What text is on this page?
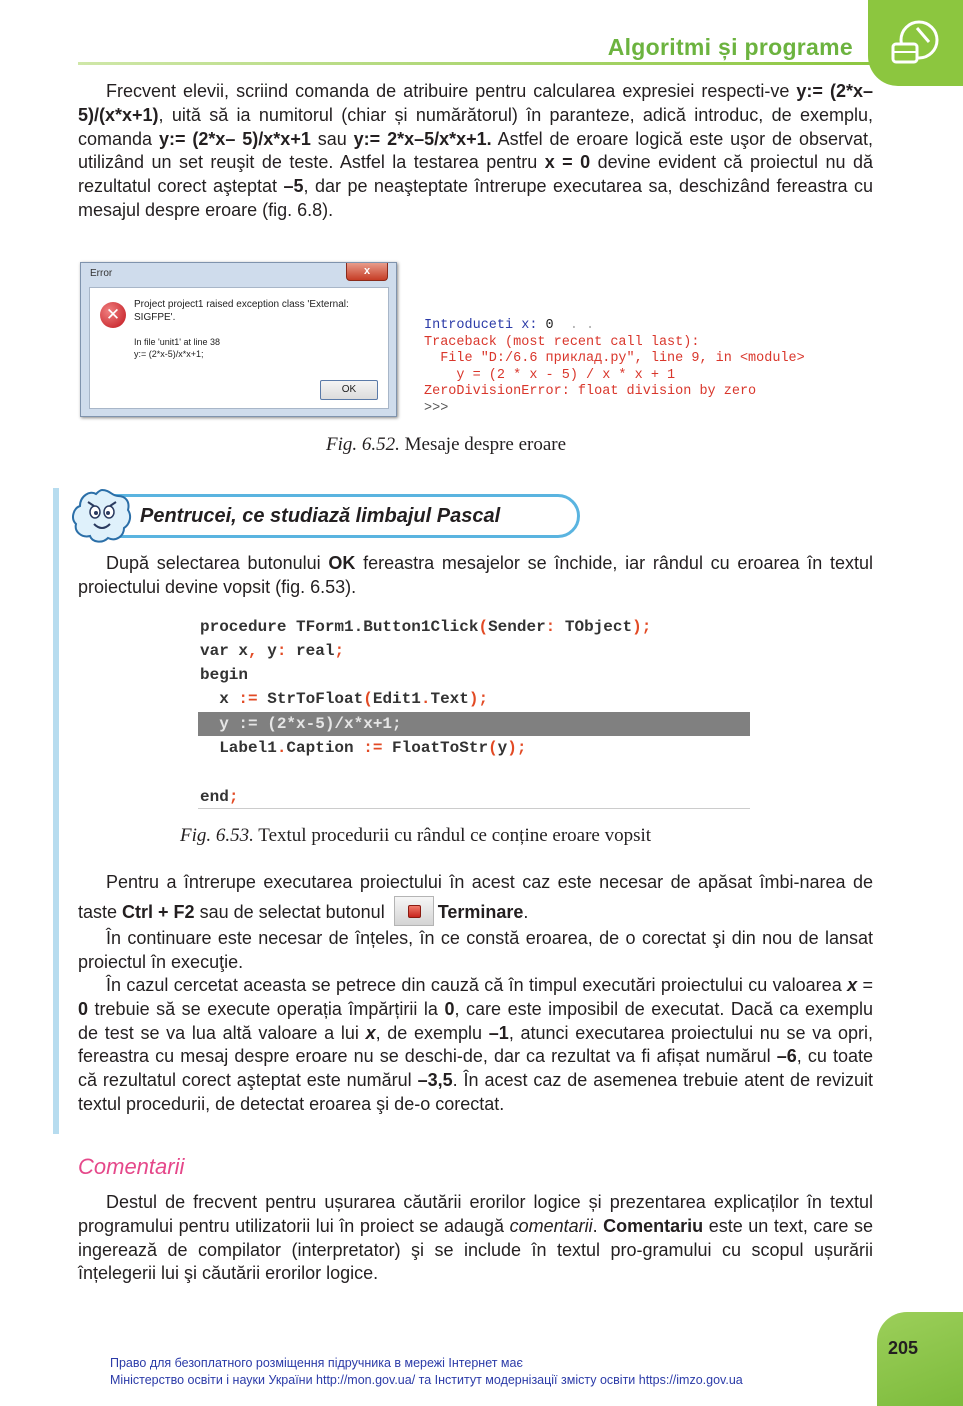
Algoritmi și programe
Frecvent elevii, scriind comanda de atribuire pentru calcularea expresiei respecti-ve y:= (2*x–5)/(x*x+1), uită să ia numitorul (chiar și numărătorul) în paranteze, adică introduc, de exemplu, comanda y:= (2*x– 5)/x*x+1 sau y:= 2*x–5/x*x+1. Astfel de eroare logică este uşor de observat, utilizând un set reuşit de teste. Astfel la testarea pentru x = 0 devine evident că proiectul nu dă rezultatul corect aşteptat –5, dar pe neaşteptate întrerupe executarea sa, deschizând fereastra cu mesajul despre eroare (fig. 6.8).
Error	x
✕
Project project1 raised exception class 'External: SIGFPE'.
In file 'unit1' at line 38
y:= (2*x-5)/x*x+1;
OK
Introduceti x: 0  . .
Traceback (most recent call last):
File "D:/6.6 приклад.py", line 9, in <module>
y = (2 * x - 5) / x * x + 1
ZeroDivisionError: float division by zero
>>>
Fig. 6.52. Mesaje despre eroare
Pentrucei, ce studiază limbajul Pascal
După selectarea butonului OK fereastra mesajelor se închide, iar rândul cu eroarea în textul proiectului devine vopsit (fig. 6.53).
procedure TForm1.Button1Click(Sender: TObject);
var x, y: real;
begin
x := StrToFloat(Edit1.Text);
y := (2*x-5)/x*x+1;
Label1.Caption := FloatToStr(y);
end;
Fig. 6.53. Textul procedurii cu rândul ce conține eroare vopsit
Pentru a întrerupe executarea proiectului în acest caz este necesar de apăsat îmbi-narea de taste Ctrl + F2 sau de selectat butonul	Terminare.
În continuare este necesar de înțeles, în ce constă eroarea, de o corectat şi din nou de lansat proiectul în execuţie.
În cazul cercetat aceasta se petrece din cauză că în timpul executări proiectului cu valoarea x = 0 trebuie să se execute operația împărțirii la 0, care este imposibil de executat. Dacă ca exemplu de test se va lua altă valoare a lui x, de exemplu –1, atunci executarea proiectului nu se va opri, fereastra cu mesaj despre eroare nu se deschi-de, dar ca rezultat va fi afișat numărul –6, cu toate că rezultatul corect aşteptat este numărul –3,5. În acest caz de asemenea trebuie atent de revizuit textul procedurii, de detectat eroarea şi de-o corectat.
Comentarii
Destul de frecvent pentru ușurarea căutării erorilor logice și prezentarea explicaților în textul programului pentru utilizatorii lui în proiect se adaugă comentarii. Comentariu este un text, care se ingerează de compilator (interpretator) şi se include în textul pro-gramului cu scopul ușurării înțelegerii lui şi căutării erorilor logice.
205
Право для безоплатного розміщення підручника в мережі Інтернет має
Міністерство освіти і науки України http://mon.gov.ua/ та Інститут модернізації змісту освіти https://imzo.gov.ua
